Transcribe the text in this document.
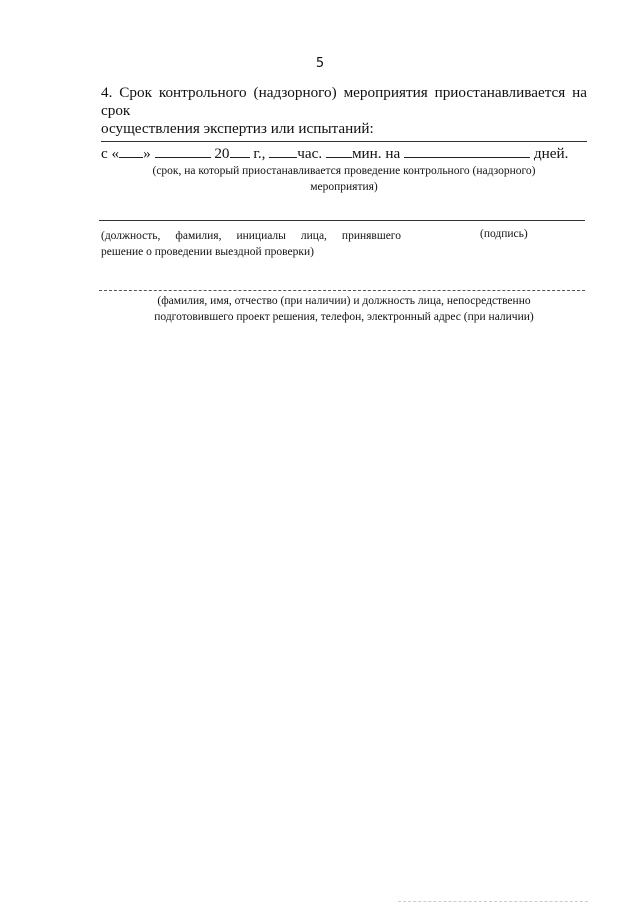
5
4. Срок контрольного (надзорного) мероприятия приостанавливается на срок
осуществления экспертиз или испытаний:
с « »	20 г., час. мин. на	дней.
(срок, на который приостанавливается проведение контрольного (надзорного)
мероприятия)
(должность, фамилия, инициалы лица, принявшего
решение о проведении выездной проверки)
(подпись)
(фамилия, имя, отчество (при наличии) и должность лица, непосредственно
подготовившего проект решения, телефон, электронный адрес (при наличии)
